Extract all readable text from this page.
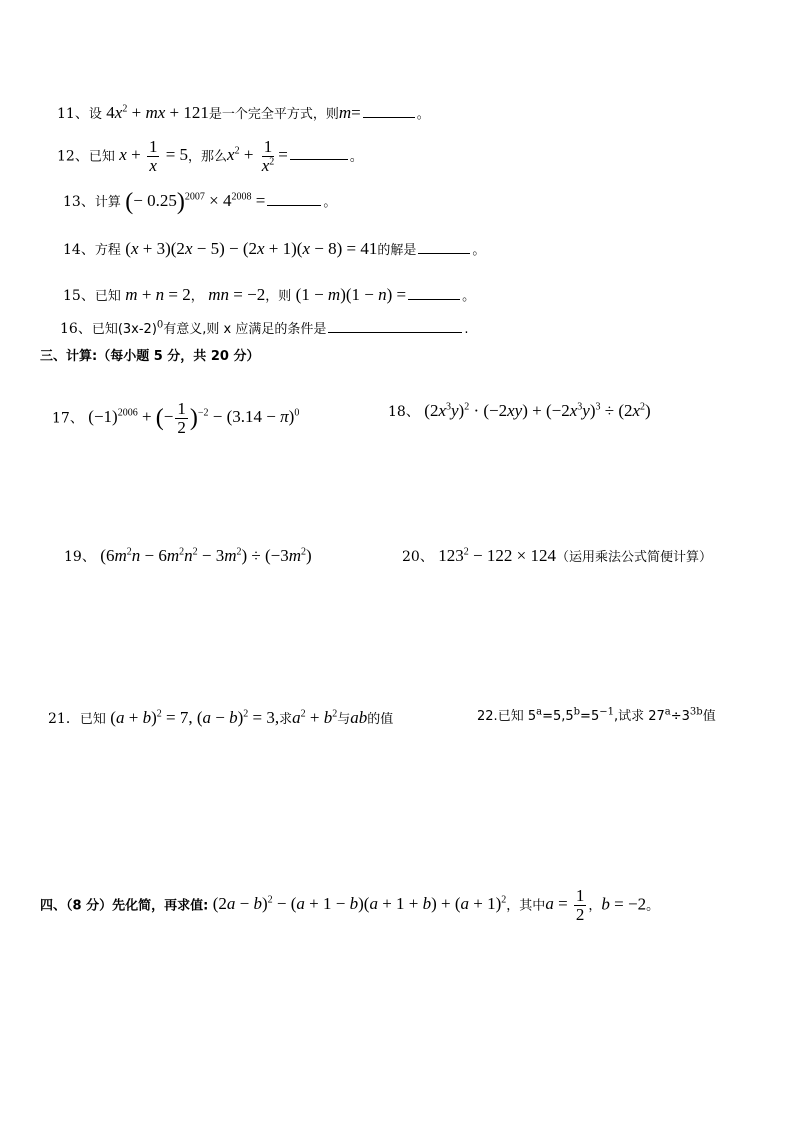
11、设 $4x^2$ + mx + 121是一个完全平方式，则m=	。
12、已知 $x + \frac{1}{x} = 5$，那么$x^2 + \frac{1}{x^2}$ =	。
13、计算 (− $0.25)^{2007} \times 4^{2008}$ =	。
14、方程 (x + 3)(2x − 5) − (2x + 1)(x − 8) = 41的解是	。
15、已知 m + n = 2， mn = −2，则 (1 − m)(1 − n) =	。
16、已知$(3x-2)^0$有意义,则 x 应满足的条件是	.
三、计算:（每小题 5 分，共 20 分）
17、 $(-1)^{2006}$ + (− $\frac{1}{2} )^{-2} - (3.14 - \pi)^0$	18、 $(2x^3y)^2 \cdot (-2xy) + (-2x^3y)^3 \div (2x^2)$
19、 $(6m^2n - 6m^2n^2 - 3m^2) \div (-3m^2)$	20、 $123^2 - 122 \times 124$（运用乘法公式简便计算）
21．已知 $(a + b)^2 = 7$, $(a - b)^2 = 3$,求$a^2 + b^2$与ab的值	22.已知 $5^a=5,5^b=5^{-1}$,试求 $27^a\div 3^{3b}$值
四、（8 分）先化简，再求值: $(2a - b)^2 - (a + 1 - b)(a + 1 + b) + (a + 1)^2$，其中$a = \frac{1}{2}$ ，b = −2。
